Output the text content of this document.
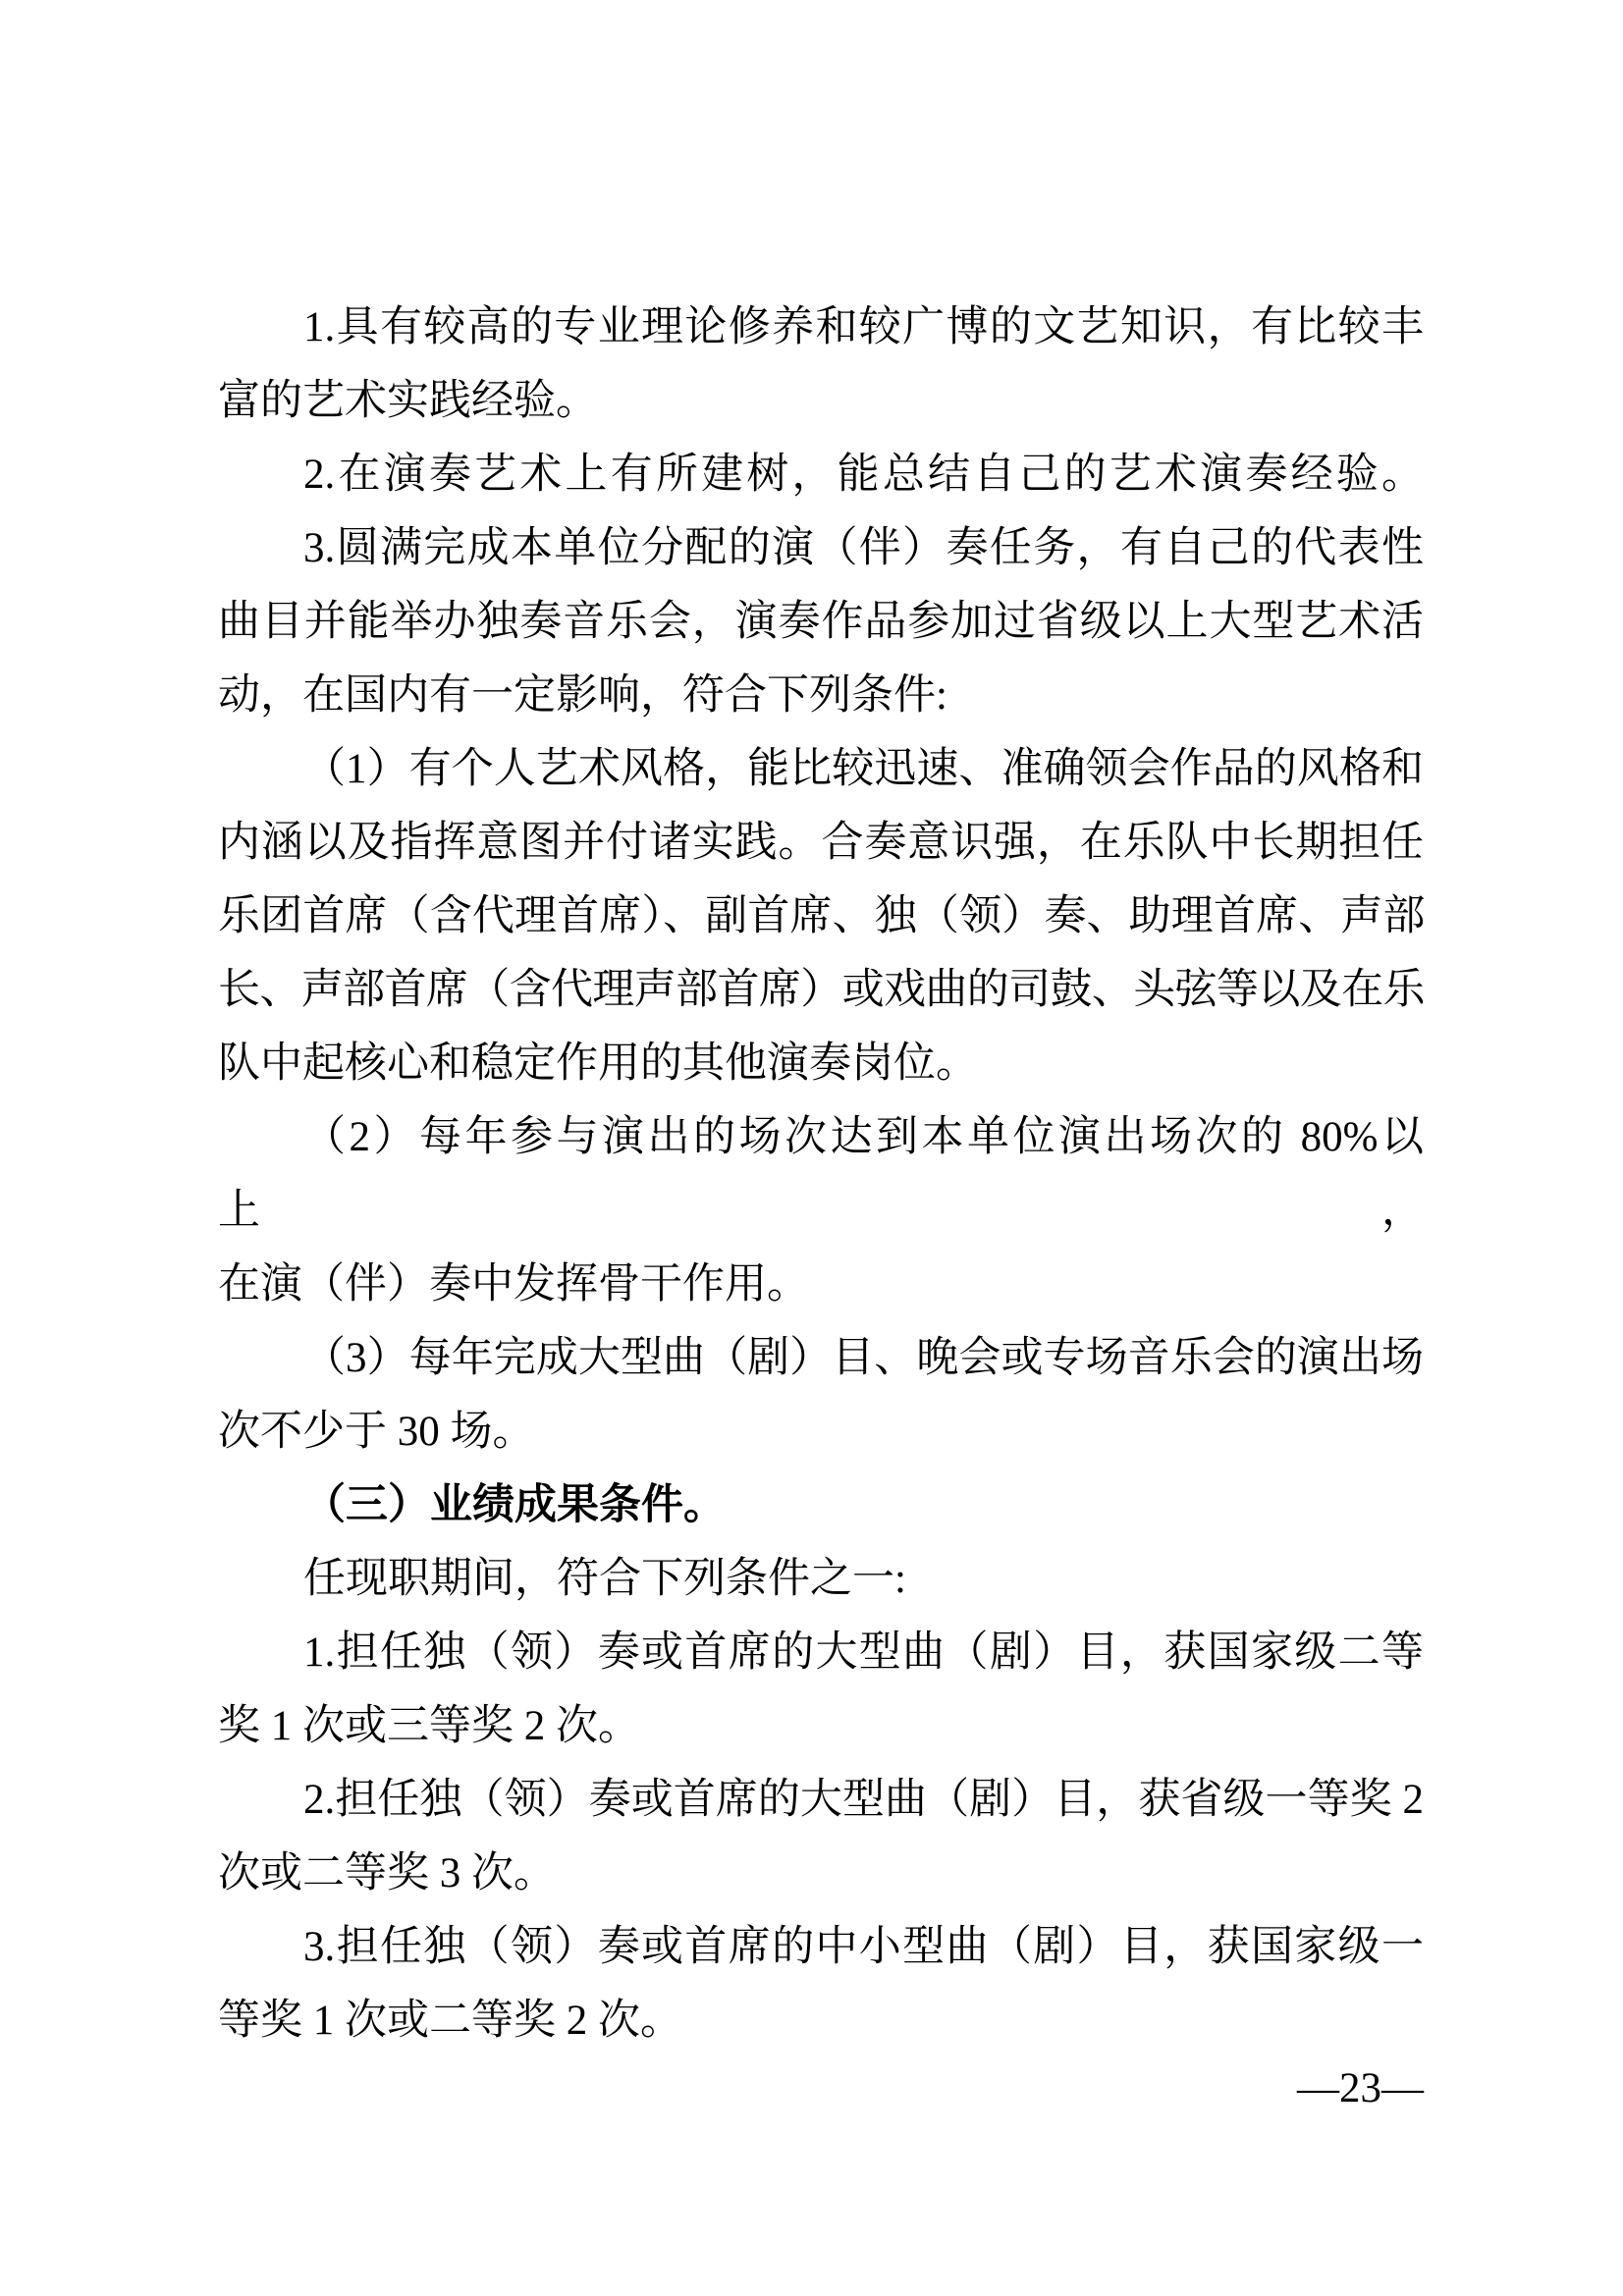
1.具有较高的专业理论修养和较广博的文艺知识，有比较丰
富的艺术实践经验。
2.在演奏艺术上有所建树，能总结自己的艺术演奏经验。
3.圆满完成本单位分配的演（伴）奏任务，有自己的代表性
曲目并能举办独奏音乐会，演奏作品参加过省级以上大型艺术活
动，在国内有一定影响，符合下列条件:
（1）有个人艺术风格，能比较迅速、准确领会作品的风格和
内涵以及指挥意图并付诸实践。合奏意识强，在乐队中长期担任
乐团首席（含代理首席）、副首席、独（领）奏、助理首席、声部
长、声部首席（含代理声部首席）或戏曲的司鼓、头弦等以及在乐
队中起核心和稳定作用的其他演奏岗位。
（2）每年参与演出的场次达到本单位演出场次的 80%以上，
在演（伴）奏中发挥骨干作用。
（3）每年完成大型曲（剧）目、晚会或专场音乐会的演出场
次不少于 30 场。
（三）业绩成果条件。
任现职期间，符合下列条件之一:
1.担任独（领）奏或首席的大型曲（剧）目，获国家级二等
奖 1 次或三等奖 2 次。
2.担任独（领）奏或首席的大型曲（剧）目，获省级一等奖 2
次或二等奖 3 次。
3.担任独（领）奏或首席的中小型曲（剧）目，获国家级一
等奖 1 次或二等奖 2 次。
—23—
